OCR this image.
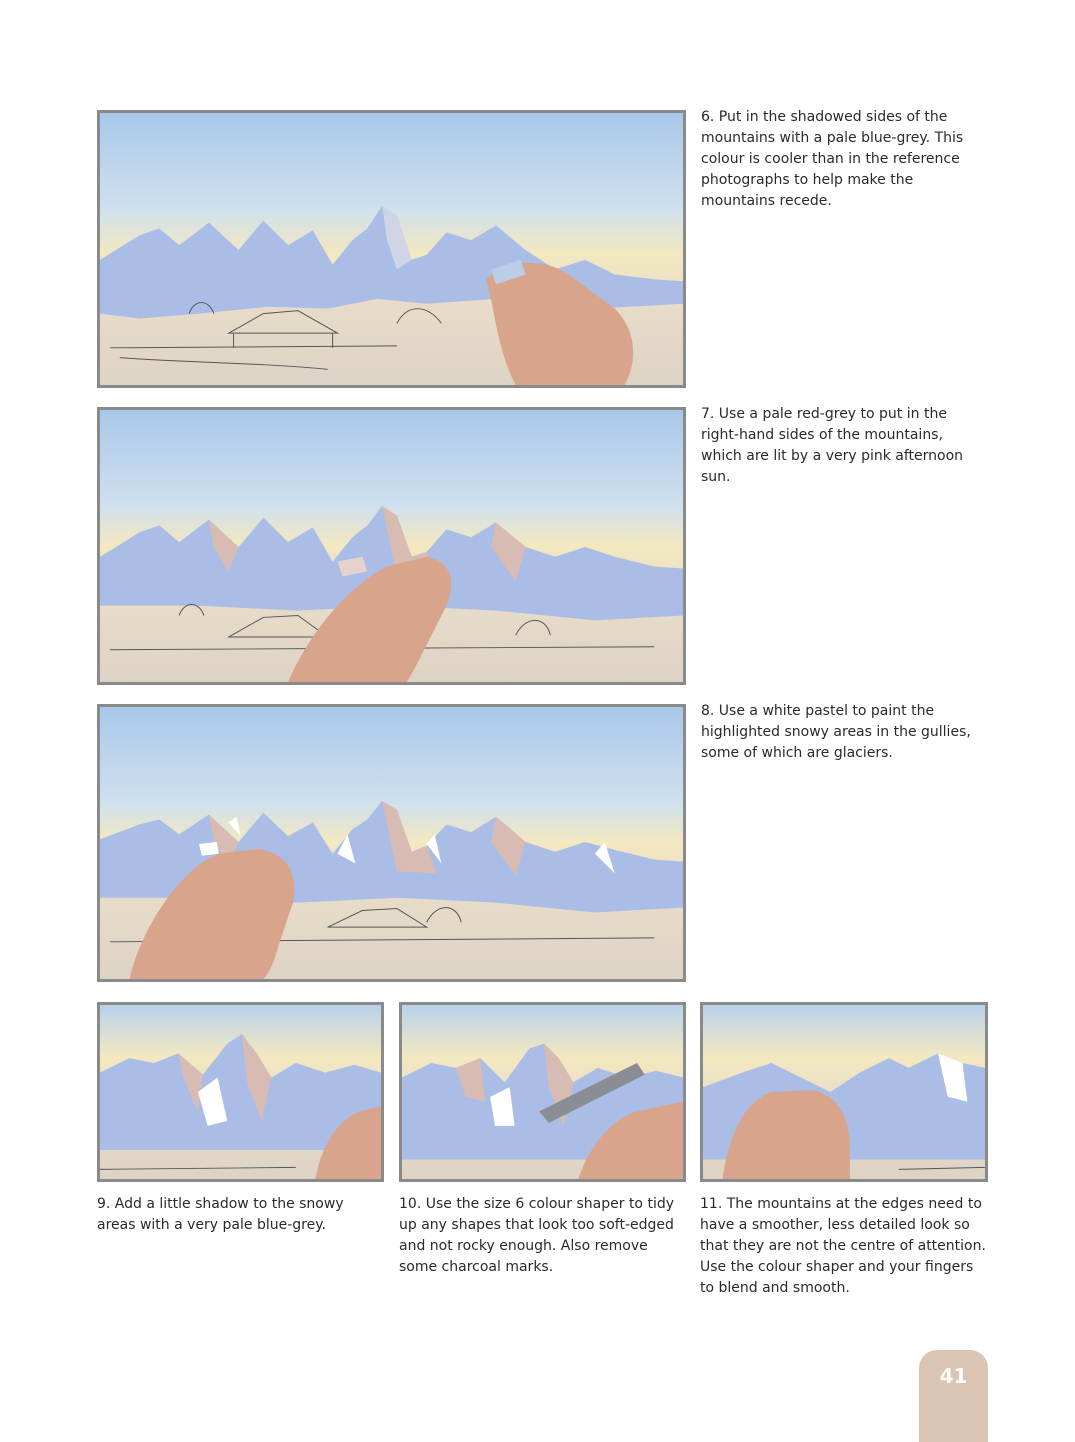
6. Put in the shadowed sides of the mountains with a pale blue-grey. This colour is cooler than in the reference photographs to help make the mountains recede.

7. Use a pale red-grey to put in the right-hand sides of the mountains, which are lit by a very pink afternoon sun.

8. Use a white pastel to paint the highlighted snowy areas in the gullies, some of which are glaciers.

9. Add a little shadow to the snowy areas with a very pale blue-grey.

10. Use the size 6 colour shaper to tidy up any shapes that look too soft-edged and not rocky enough. Also remove some charcoal marks.

11. The mountains at the edges need to have a smoother, less detailed look so that they are not the centre of attention. Use the colour shaper and your fingers to blend and smooth.

41
